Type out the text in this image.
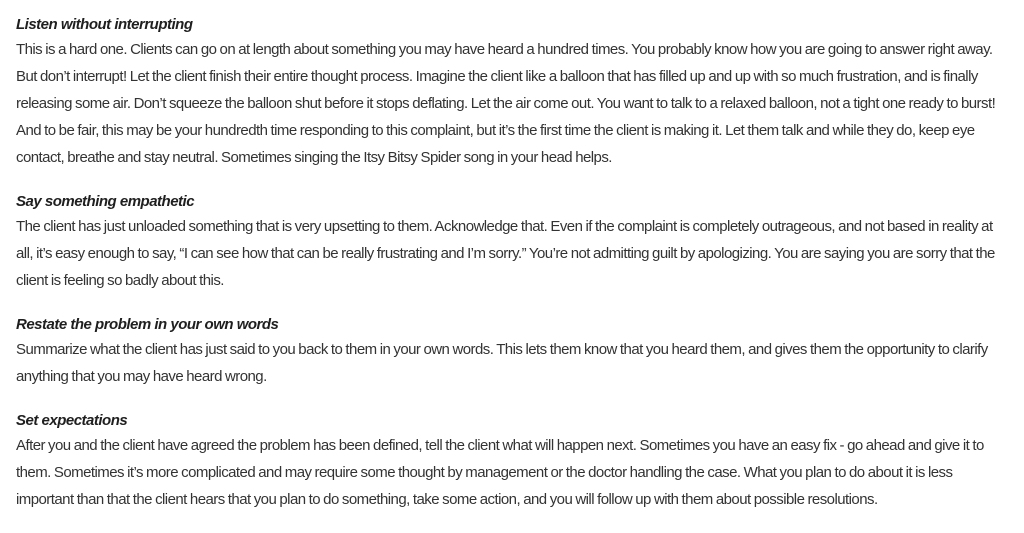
Listen without interrupting

This is a hard one. Clients can go on at length about something you may have heard a hundred times. You probably know how you are going to answer right away. But don’t interrupt! Let the client finish their entire thought process. Imagine the client like a balloon that has filled up and up with so much frustration, and is finally releasing some air. Don’t squeeze the balloon shut before it stops deflating. Let the air come out. You want to talk to a relaxed balloon, not a tight one ready to burst! And to be fair, this may be your hundredth time responding to this complaint, but it’s the first time the client is making it. Let them talk and while they do, keep eye contact, breathe and stay neutral. Sometimes singing the Itsy Bitsy Spider song in your head helps.

Say something empathetic

The client has just unloaded something that is very upsetting to them. Acknowledge that. Even if the complaint is completely outrageous, and not based in reality at all, it’s easy enough to say, “I can see how that can be really frustrating and I’m sorry.” You’re not admitting guilt by apologizing. You are saying you are sorry that the client is feeling so badly about this.

Restate the problem in your own words

Summarize what the client has just said to you back to them in your own words. This lets them know that you heard them, and gives them the opportunity to clarify anything that you may have heard wrong.

Set expectations

After you and the client have agreed the problem has been defined, tell the client what will happen next. Sometimes you have an easy fix - go ahead and give it to them. Sometimes it’s more complicated and may require some thought by management or the doctor handling the case. What you plan to do about it is less important than that the client hears that you plan to do something, take some action, and you will follow up with them about possible resolutions.
